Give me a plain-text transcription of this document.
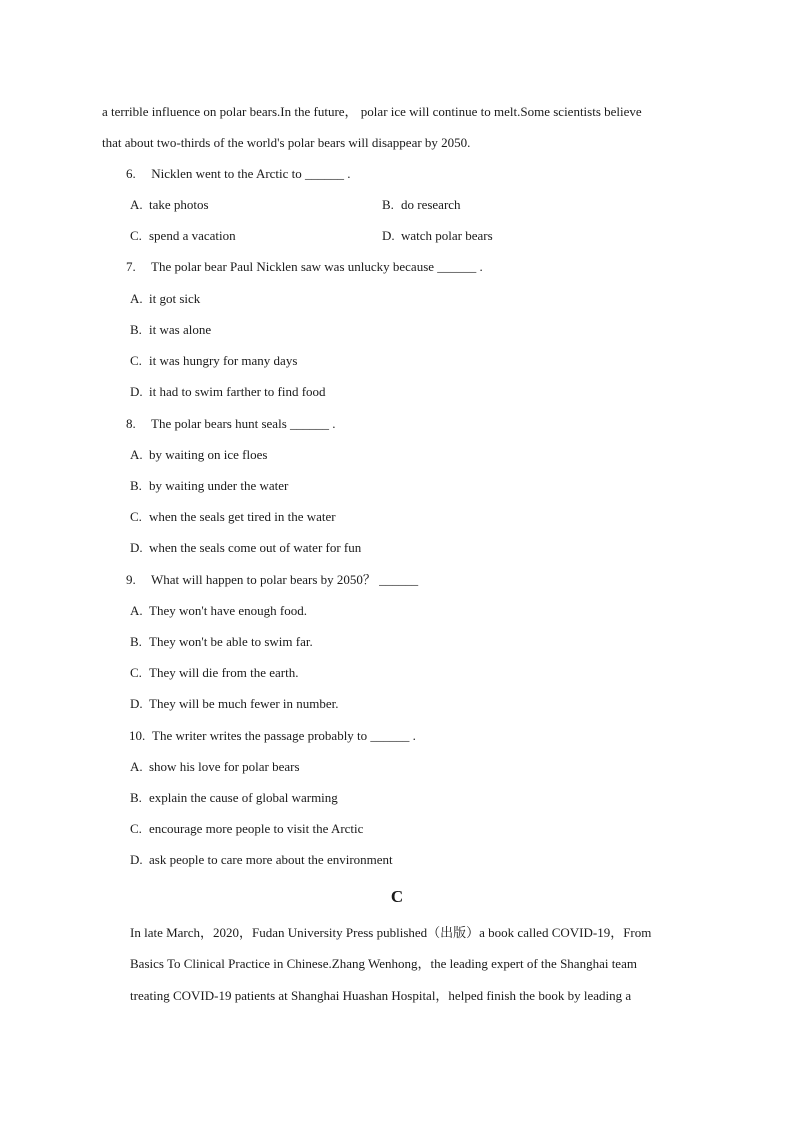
a terrible influence on polar bears.In the future， polar ice will continue to melt.Some scientists believe
that about two-thirds of the world's polar bears will disappear by 2050.
6. Nicklen went to the Arctic to ______ .
A. take photos	B. do research
C. spend a vacation	D. watch polar bears
7. The polar bear Paul Nicklen saw was unlucky because ______ .
A. it got sick
B. it was alone
C. it was hungry for many days
D. it had to swim farther to find food
8. The polar bears hunt seals ______ .
A. by waiting on ice floes
B. by waiting under the water
C. when the seals get tired in the water
D. when the seals come out of water for fun
9. What will happen to polar bears by 2050？ ______
A. They won't have enough food.
B. They won't be able to swim far.
C. They will die from the earth.
D. They will be much fewer in number.
10. The writer writes the passage probably to ______ .
A. show his love for polar bears
B. explain the cause of global warming
C. encourage more people to visit the Arctic
D. ask people to care more about the environment
C
In late March，2020，Fudan University Press published（出版）a book called COVID-19，From
Basics To Clinical Practice in Chinese.Zhang Wenhong，the leading expert of the Shanghai team
treating COVID-19 patients at Shanghai Huashan Hospital，helped finish the book by leading a
